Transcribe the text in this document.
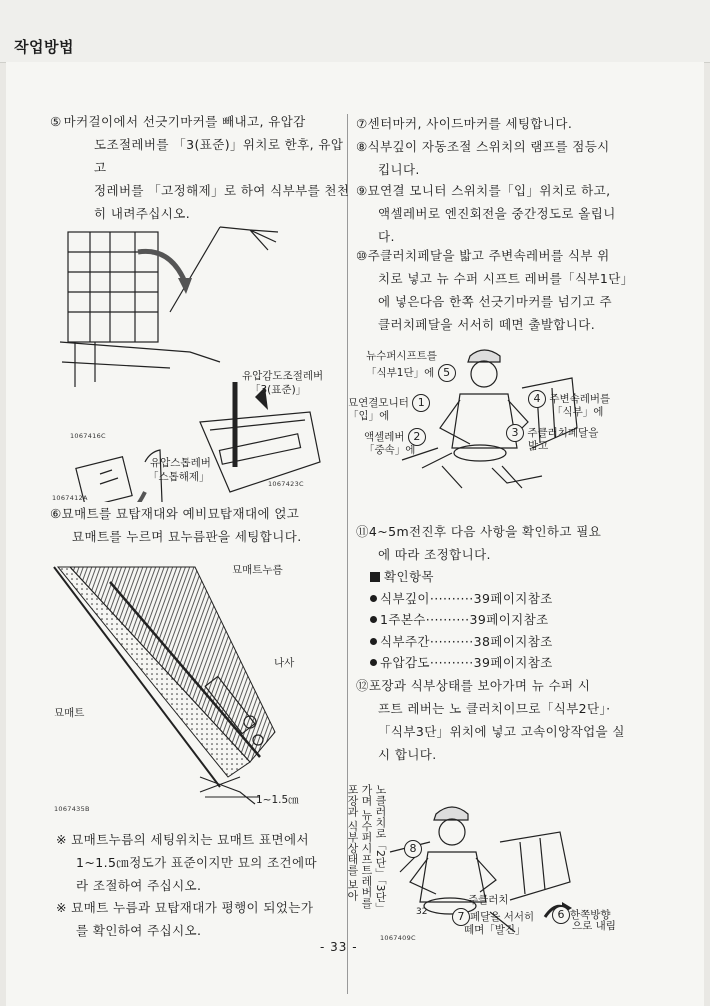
작업방법
⑤ 마커걸이에서 선긋기마커를 빼내고, 유압감
도조절레버를 「3(표준)」위치로 한후, 유압고
정레버를 「고정해제」로 하여 식부부를 천천
히 내려주십시오.
유압감도조절레버
「3(표준)」
유압스톱레버
「스톱해제」
1067416C
1067423C
1067412A
⑥묘매트를 묘탑재대와 예비묘탑재대에 얹고
묘매트를 누르며 묘누름판을 세팅합니다.
묘매트누름
나사
묘매트
1~1.5㎝
1067435B
※ 묘매트누름의 세팅위치는 묘매트 표면에서
1~1.5㎝정도가 표준이지만 묘의 조건에따
라 조절하여 주십시오.
※ 묘매트 누름과 묘탑재대가 평행이 되었는가
를 확인하여 주십시오.
⑦센터마커, 사이드마커를 세팅합니다.
⑧식부깊이 자동조절 스위치의 램프를 점등시
킵니다.
⑨묘연결 모니터 스위치를「입」위치로 하고,
액셀레버로 엔진회전을 중간정도로 올립니
다.
⑩주클러치페달을 밟고 주변속레버를 식부 위
치로 넣고 뉴 수퍼 시프트 레버를「식부1단」
에 넣은다음 한쪽 선긋기마커를 넘기고 주
클러치페달을 서서히 떼면 출발합니다.
뉴수퍼시프트를
「식부1단」에 5
묘연결모니터 1
「입」에
액셀레버 2
「중속」에
4 주변속레버를
「식부」에
3 주클러치페달을
밟고
⑪4~5m전진후 다음 사항을 확인하고 필요
에 따라 조정합니다.
확인항목
식부깊이··········39페이지참조
1주본수··········39페이지참조
식부주간··········38페이지참조
유압감도··········39페이지참조
⑫포장과 식부상태를 보아가며 뉴 수퍼 시
프트 레버는 노 클러치이므로「식부2단」·
「식부3단」위치에 넣고 고속이앙작업을 실
시 합니다.
노클러치로「2단」「3단」
가며 뉴수퍼시프트레버를
포장과 식부상태를 보아	8
주클러치
7 페달을 서서히
떼며「발진」
6 한쪽방향
으로 내림
32
1067409C
- 33 -
